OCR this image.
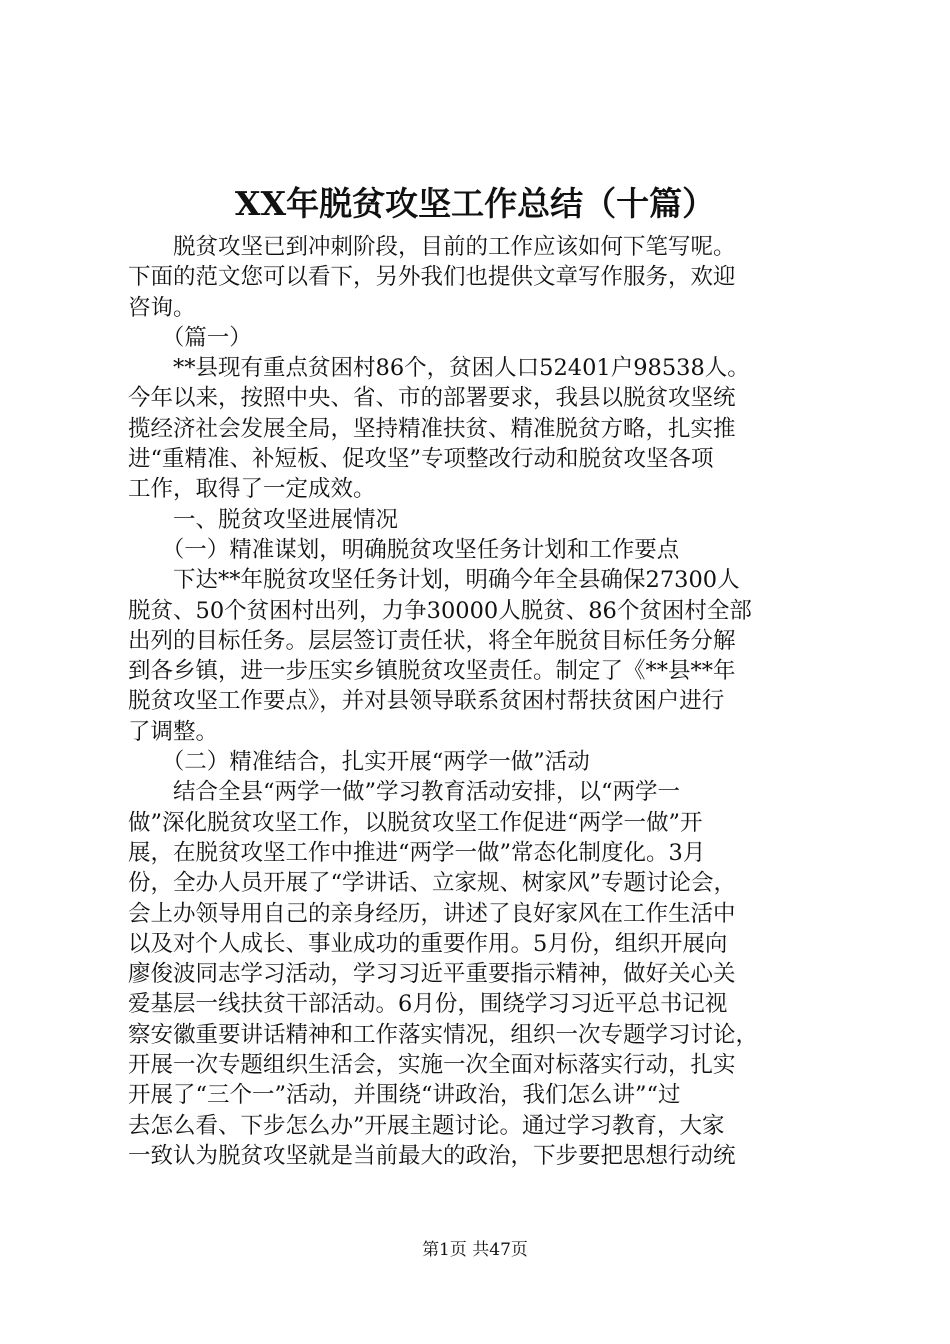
XX年脱贫攻坚工作总结（十篇）
　　脱贫攻坚已到冲刺阶段，目前的工作应该如何下笔写呢。
下面的范文您可以看下，另外我们也提供文章写作服务，欢迎
咨询。
　　（篇一）
　　**县现有重点贫困村86个，贫困人口52401户98538人。
今年以来，按照中央、省、市的部署要求，我县以脱贫攻坚统
揽经济社会发展全局，坚持精准扶贫、精准脱贫方略，扎实推
进“重精准、补短板、促攻坚”专项整改行动和脱贫攻坚各项
工作，取得了一定成效。
　　一、脱贫攻坚进展情况
　　（一）精准谋划，明确脱贫攻坚任务计划和工作要点
　　下达**年脱贫攻坚任务计划，明确今年全县确保27300人
脱贫、50个贫困村出列，力争30000人脱贫、86个贫困村全部
出列的目标任务。层层签订责任状，将全年脱贫目标任务分解
到各乡镇，进一步压实乡镇脱贫攻坚责任。制定了《**县**年
脱贫攻坚工作要点》，并对县领导联系贫困村帮扶贫困户进行
了调整。
　　（二）精准结合，扎实开展“两学一做”活动
　　结合全县“两学一做”学习教育活动安排，以“两学一
做”深化脱贫攻坚工作，以脱贫攻坚工作促进“两学一做”开
展，在脱贫攻坚工作中推进“两学一做”常态化制度化。3月
份，全办人员开展了“学讲话、立家规、树家风”专题讨论会，
会上办领导用自己的亲身经历，讲述了良好家风在工作生活中
以及对个人成长、事业成功的重要作用。5月份，组织开展向
廖俊波同志学习活动，学习习近平重要指示精神，做好关心关
爱基层一线扶贫干部活动。6月份，围绕学习习近平总书记视
察安徽重要讲话精神和工作落实情况，组织一次专题学习讨论，
开展一次专题组织生活会，实施一次全面对标落实行动，扎实
开展了“三个一”活动，并围绕“讲政治，我们怎么讲”“过
去怎么看、下步怎么办”开展主题讨论。通过学习教育，大家
一致认为脱贫攻坚就是当前最大的政治，下步要把思想行动统
第1页 共47页
